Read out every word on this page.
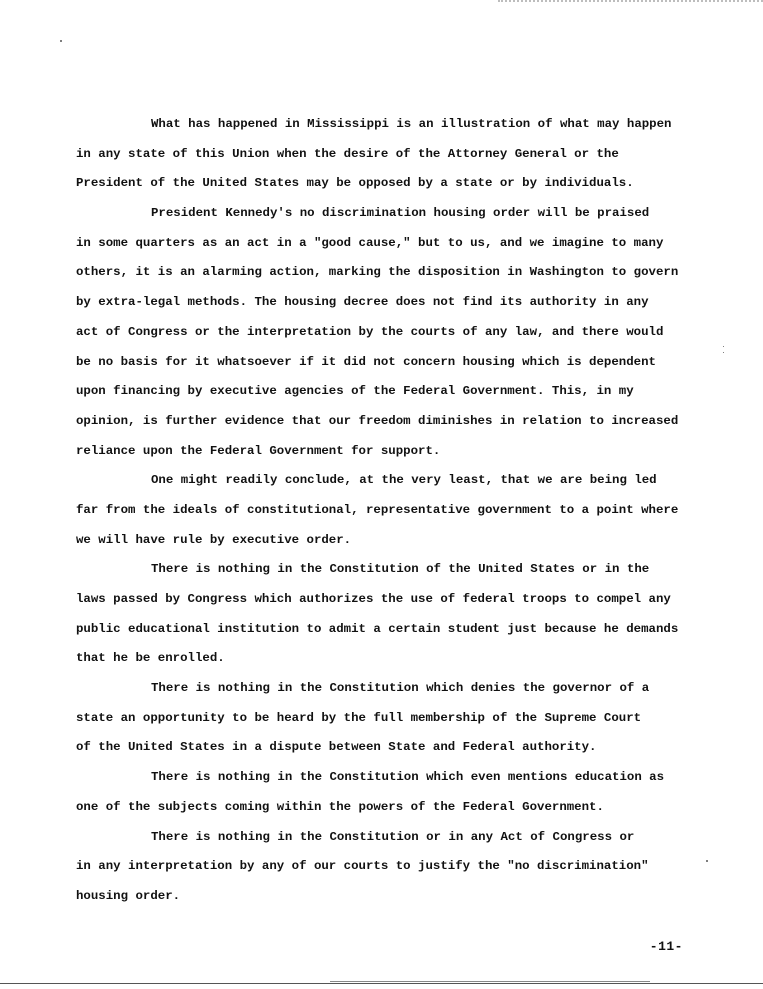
What has happened in Mississippi is an illustration of what may happen
in any state of this Union when the desire of the Attorney General or the
President of the United States may be opposed by a state or by individuals.
President Kennedy's no discrimination housing order will be praised
in some quarters as an act in a "good cause," but to us, and we imagine to many
others, it is an alarming action, marking the disposition in Washington to govern
by extra-legal methods. The housing decree does not find its authority in any
act of Congress or the interpretation by the courts of any law, and there would
be no basis for it whatsoever if it did not concern housing which is dependent
upon financing by executive agencies of the Federal Government. This, in my
opinion, is further evidence that our freedom diminishes in relation to increased
reliance upon the Federal Government for support.
One might readily conclude, at the very least, that we are being led
far from the ideals of constitutional, representative government to a point where
we will have rule by executive order.
There is nothing in the Constitution of the United States or in the
laws passed by Congress which authorizes the use of federal troops to compel any
public educational institution to admit a certain student just because he demands
that he be enrolled.
There is nothing in the Constitution which denies the governor of a
state an opportunity to be heard by the full membership of the Supreme Court
of the United States in a dispute between State and Federal authority.
There is nothing in the Constitution which even mentions education as
one of the subjects coming within the powers of the Federal Government.
There is nothing in the Constitution or in any Act of Congress or
in any interpretation by any of our courts to justify the "no discrimination"
housing order.
-11-
